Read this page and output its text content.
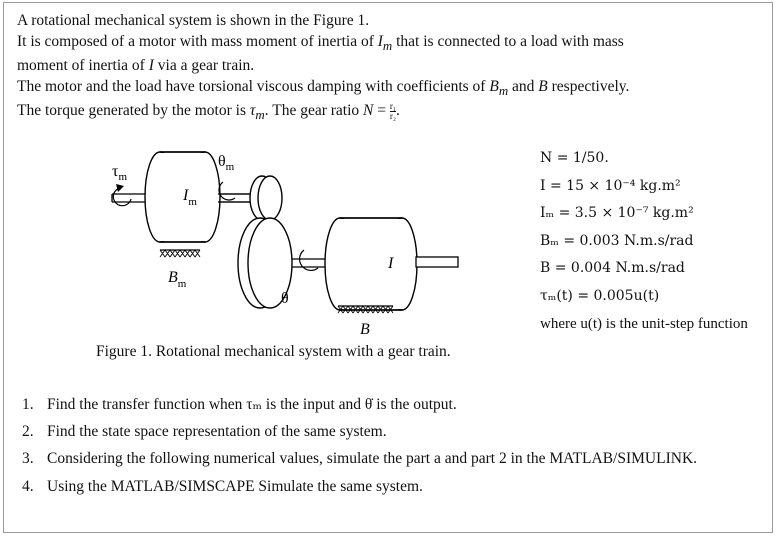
A rotational mechanical system is shown in the Figure 1.

It is composed of a motor with mass moment of inertia of $I_m$ that is connected to a load with mass

moment of inertia of I via a gear train.

The motor and the load have torsional viscous damping with coefficients of $B_m$ and B respectively.

The torque generated by the motor is $\tau_m$. The gear ratio $N = \frac{\text{r₁}}{\text{r₂}}$ .

$\tau_m$
$I_m$
$B_m$
$\theta_m$
θ
I
B
Figure 1. Rotational mechanical system with a gear train.
N = 1/50.
I = 15 × 10⁻⁴ kg.m²
Iₘ = 3.5 × 10⁻⁷ kg.m²
Bₘ = 0.003 N.m.s/rad
B = 0.004 N.m.s/rad
τₘ(t) = 0.005u(t)
where u(t) is the unit-step function
1. Find the transfer function when τₘ is the input and θ̇ is the output.
2. Find the state space representation of the same system.
3. Considering the following numerical values, simulate the part a and part 2 in the MATLAB/SIMULINK.
4. Using the MATLAB/SIMSCAPE Simulate the same system.
